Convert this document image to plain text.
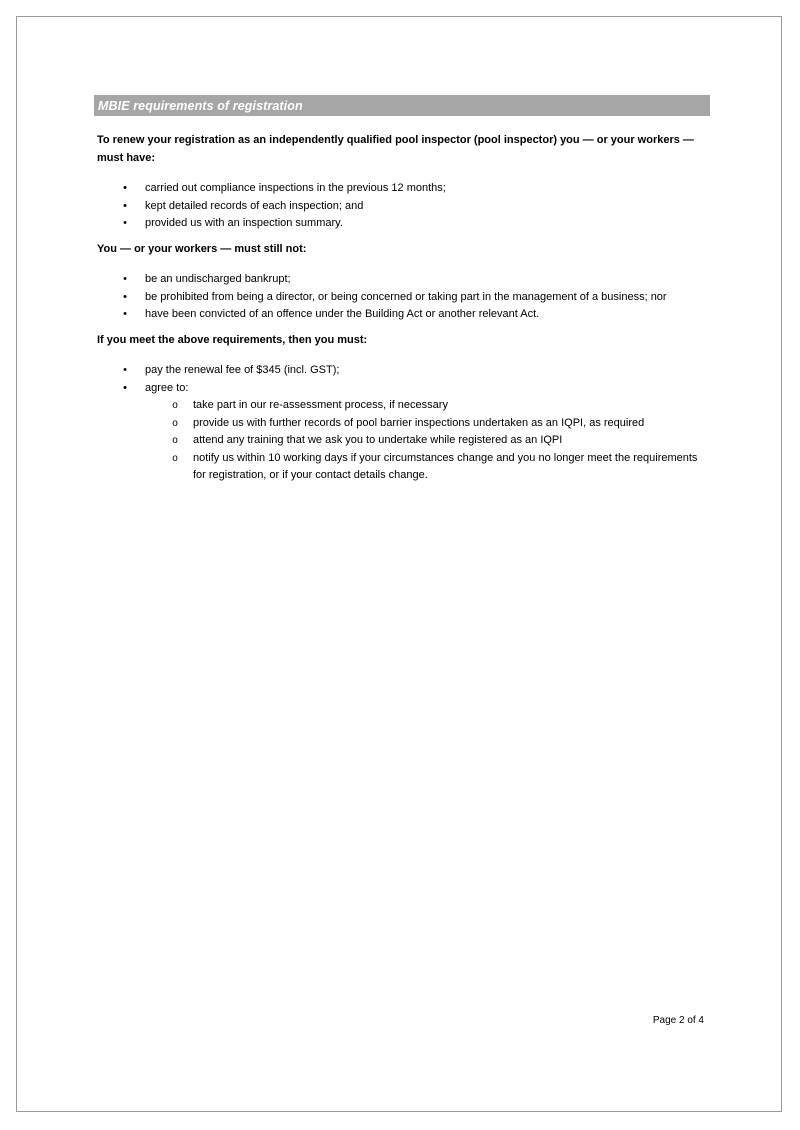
MBIE requirements of registration

To renew your registration as an independently qualified pool inspector (pool inspector) you — or your workers — must have:

• carried out compliance inspections in the previous 12 months;
• kept detailed records of each inspection; and
• provided us with an inspection summary.

You — or your workers — must still not:

• be an undischarged bankrupt;
• be prohibited from being a director, or being concerned or taking part in the management of a business; nor
• have been convicted of an offence under the Building Act or another relevant Act.

If you meet the above requirements, then you must:

• pay the renewal fee of $345 (incl. GST);
• agree to:
o take part in our re-assessment process, if necessary
o provide us with further records of pool barrier inspections undertaken as an IQPI, as required
o attend any training that we ask you to undertake while registered as an IQPI
o notify us within 10 working days if your circumstances change and you no longer meet the requirements for registration, or if your contact details change.
Page 2 of 4
